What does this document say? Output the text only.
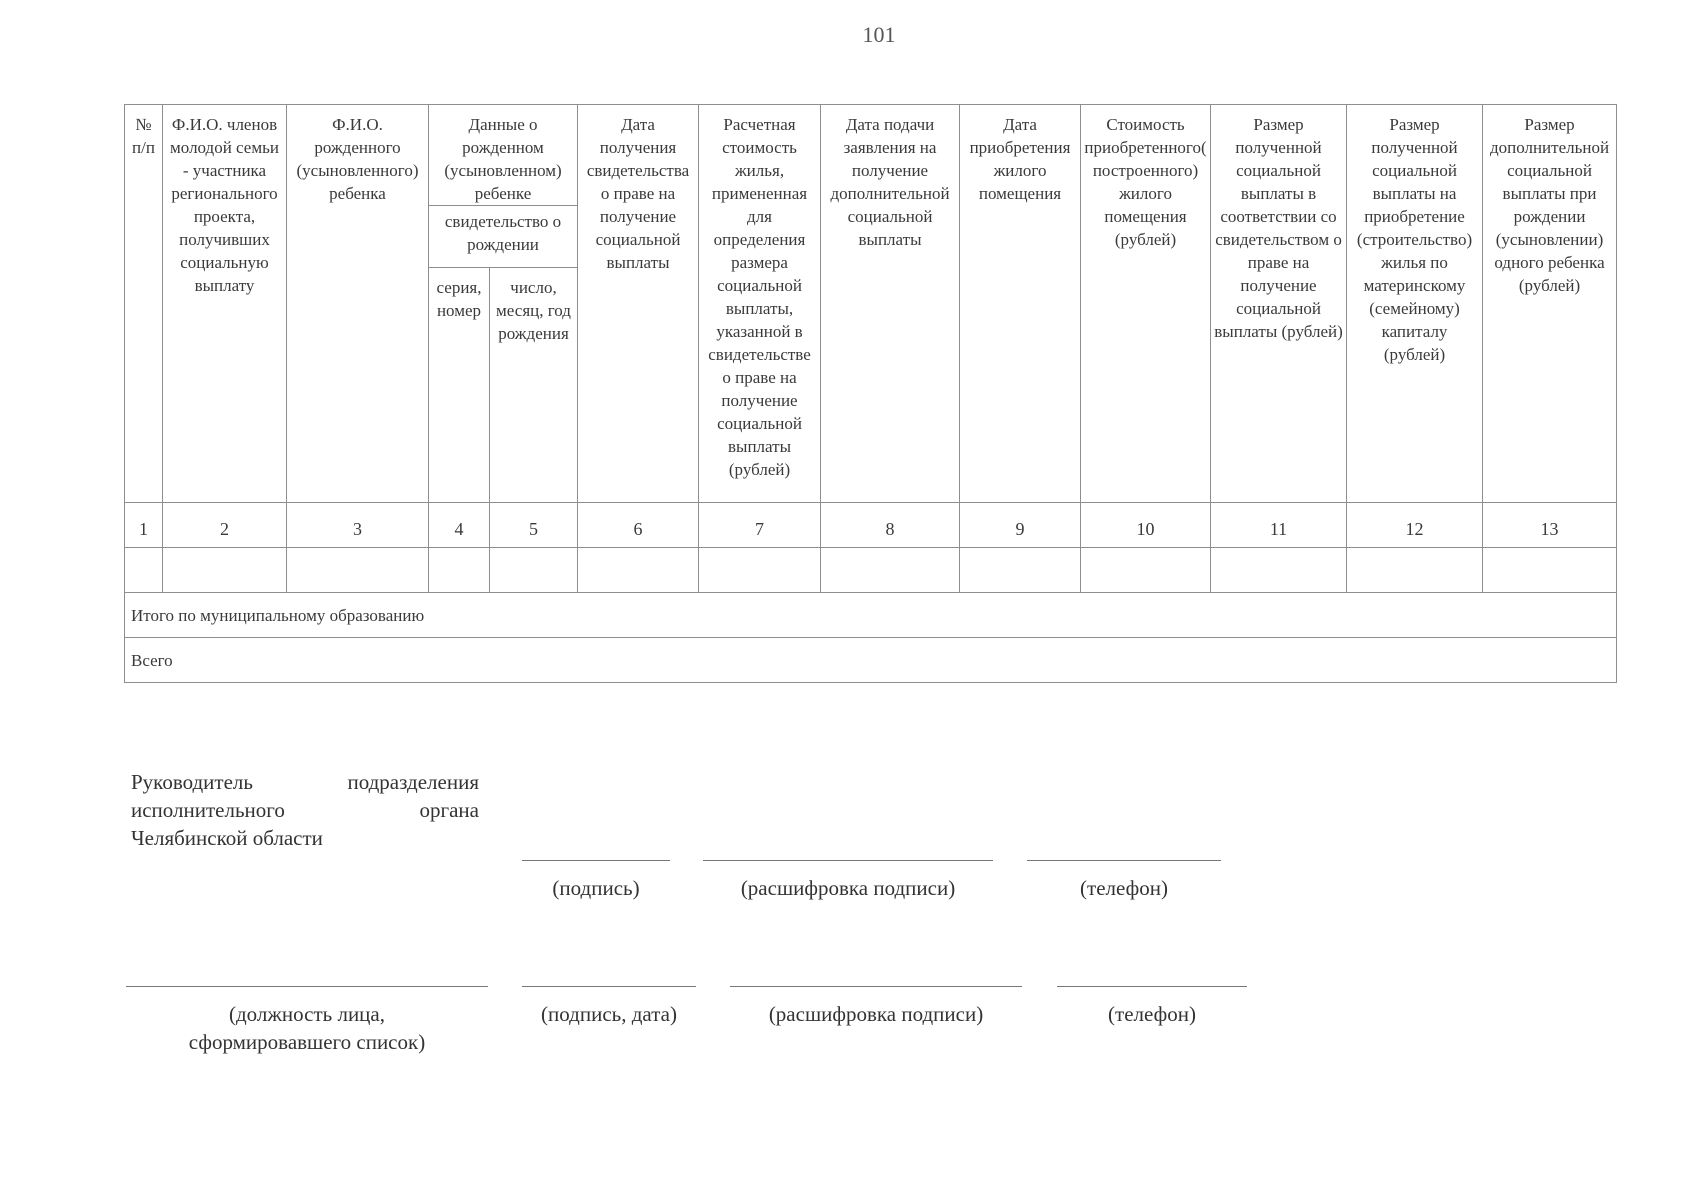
101
№ п/п	Ф.И.О. членов молодой семьи - участника регионального проекта, получивших социальную выплату	Ф.И.О. рожденного (усыновленного) ребенка	Данные о рожденном (усыновленном) ребенке		Дата получения свидетельства о праве на получение социальной выплаты	Расчетная стоимость жилья, примененная для определения размера социальной выплаты, указанной в свидетельстве о праве на получение социальной выплаты (рублей)	Дата подачи заявления на получение дополнительной социальной выплаты	Дата приобретения жилого помещения	Стоимость приобретенного(построенного) жилого помещения (рублей)	Размер полученной социальной выплаты в соответствии со свидетельством о праве на получение социальной выплаты (рублей)	Размер полученной социальной выплаты на приобретение (строительство) жилья по материнскому (семейному) капиталу (рублей)	Размер дополнительной социальной выплаты при рождении (усыновлении) одного ребенка (рублей)
			свидетельство о рождении									
			серия, номер	число, месяц, год рождения								
1	2	3	4	5	6	7	8	9	10	11	12	13

Итого по муниципальному образованию												
Всего												
Руководитель подразделения
исполнительного органа
Челябинской области
(подпись)	(расшифровка подписи)	(телефон)
(должность лица,
сформировавшего список)
(подпись, дата)	(расшифровка подписи)	(телефон)
